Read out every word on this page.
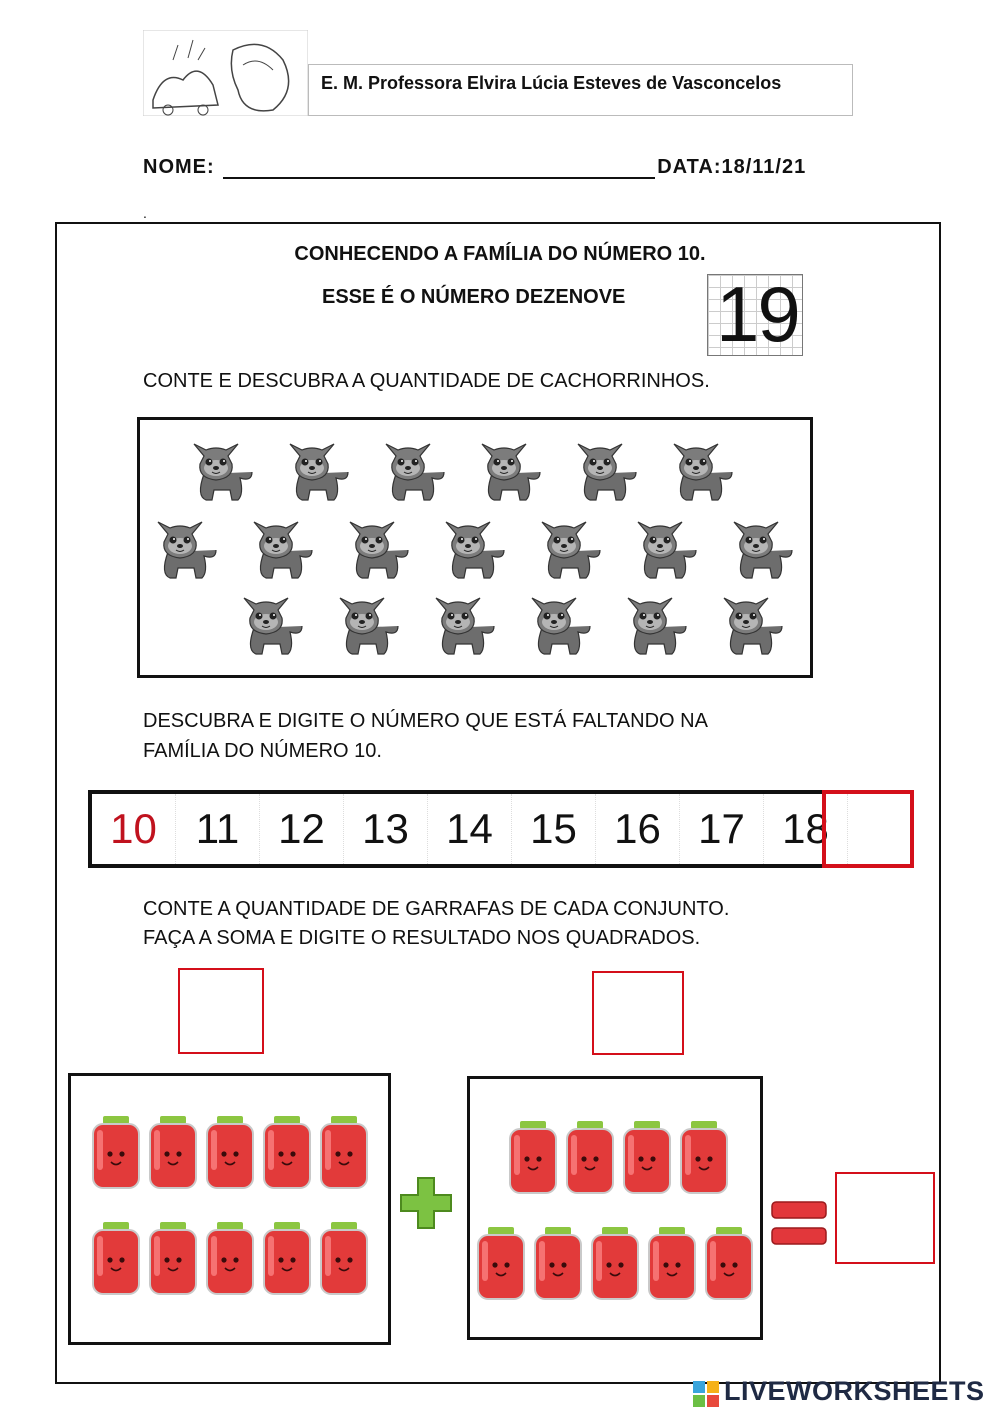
E. M. Professora Elvira Lúcia Esteves de Vasconcelos
NOME:	DATA:18/11/21
.
CONHECENDO A FAMÍLIA DO NÚMERO 10.
ESSE É O NÚMERO DEZENOVE 19
CONTE E DESCUBRA A QUANTIDADE DE CACHORRINHOS.
DESCUBRA E DIGITE O NÚMERO QUE ESTÁ FALTANDO NA
FAMÍLIA DO NÚMERO 10.
10 11 12 13 14 15 16 17 18
CONTE A QUANTIDADE DE GARRAFAS DE CADA CONJUNTO.
FAÇA A SOMA E DIGITE O RESULTADO NOS QUADRADOS.
LIVEWORKSHEETS
